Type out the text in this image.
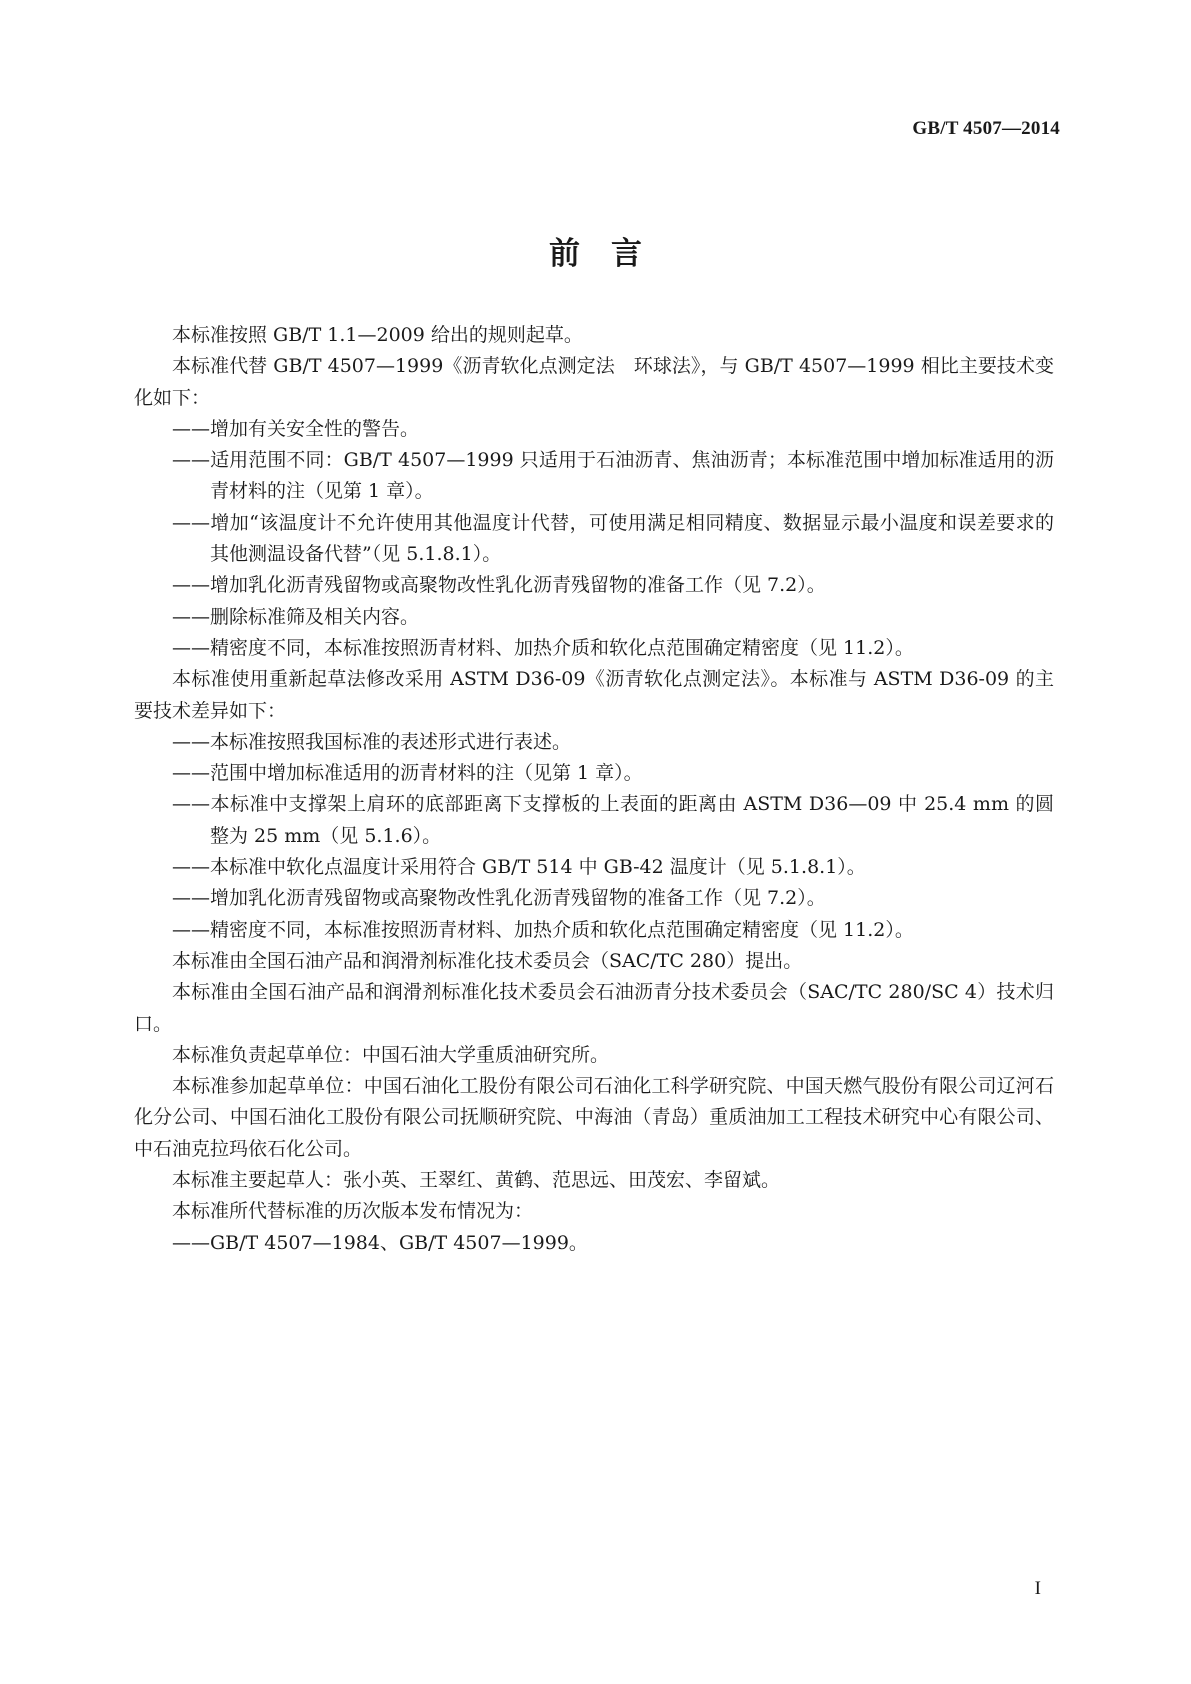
GB/T 4507—2014
前　言

本标准按照 GB/T 1.1—2009 给出的规则起草。

本标准代替 GB/T 4507—1999《沥青软化点测定法　环球法》，与 GB/T 4507—1999 相比主要技术变化如下：

——增加有关安全性的警告。

——适用范围不同：GB/T 4507—1999 只适用于石油沥青、焦油沥青；本标准范围中增加标准适用的沥青材料的注（见第 1 章）。

——增加“该温度计不允许使用其他温度计代替，可使用满足相同精度、数据显示最小温度和误差要求的其他测温设备代替”（见 5.1.8.1）。

——增加乳化沥青残留物或高聚物改性乳化沥青残留物的准备工作（见 7.2）。

——删除标准筛及相关内容。

——精密度不同，本标准按照沥青材料、加热介质和软化点范围确定精密度（见 11.2）。

本标准使用重新起草法修改采用 ASTM D36-09《沥青软化点测定法》。本标准与 ASTM D36-09 的主要技术差异如下：

——本标准按照我国标准的表述形式进行表述。

——范围中增加标准适用的沥青材料的注（见第 1 章）。

——本标准中支撑架上肩环的底部距离下支撑板的上表面的距离由 ASTM D36—09 中 25.4 mm 的圆整为 25 mm（见 5.1.6）。

——本标准中软化点温度计采用符合 GB/T 514 中 GB-42 温度计（见 5.1.8.1）。

——增加乳化沥青残留物或高聚物改性乳化沥青残留物的准备工作（见 7.2）。

——精密度不同，本标准按照沥青材料、加热介质和软化点范围确定精密度（见 11.2）。

本标准由全国石油产品和润滑剂标准化技术委员会（SAC/TC 280）提出。

本标准由全国石油产品和润滑剂标准化技术委员会石油沥青分技术委员会（SAC/TC 280/SC 4）技术归口。

本标准负责起草单位：中国石油大学重质油研究所。

本标准参加起草单位：中国石油化工股份有限公司石油化工科学研究院、中国天燃气股份有限公司辽河石化分公司、中国石油化工股份有限公司抚顺研究院、中海油（青岛）重质油加工工程技术研究中心有限公司、中石油克拉玛依石化公司。

本标准主要起草人：张小英、王翠红、黄鹤、范思远、田茂宏、李留斌。

本标准所代替标准的历次版本发布情况为：

——GB/T 4507—1984、GB/T 4507—1999。

I
